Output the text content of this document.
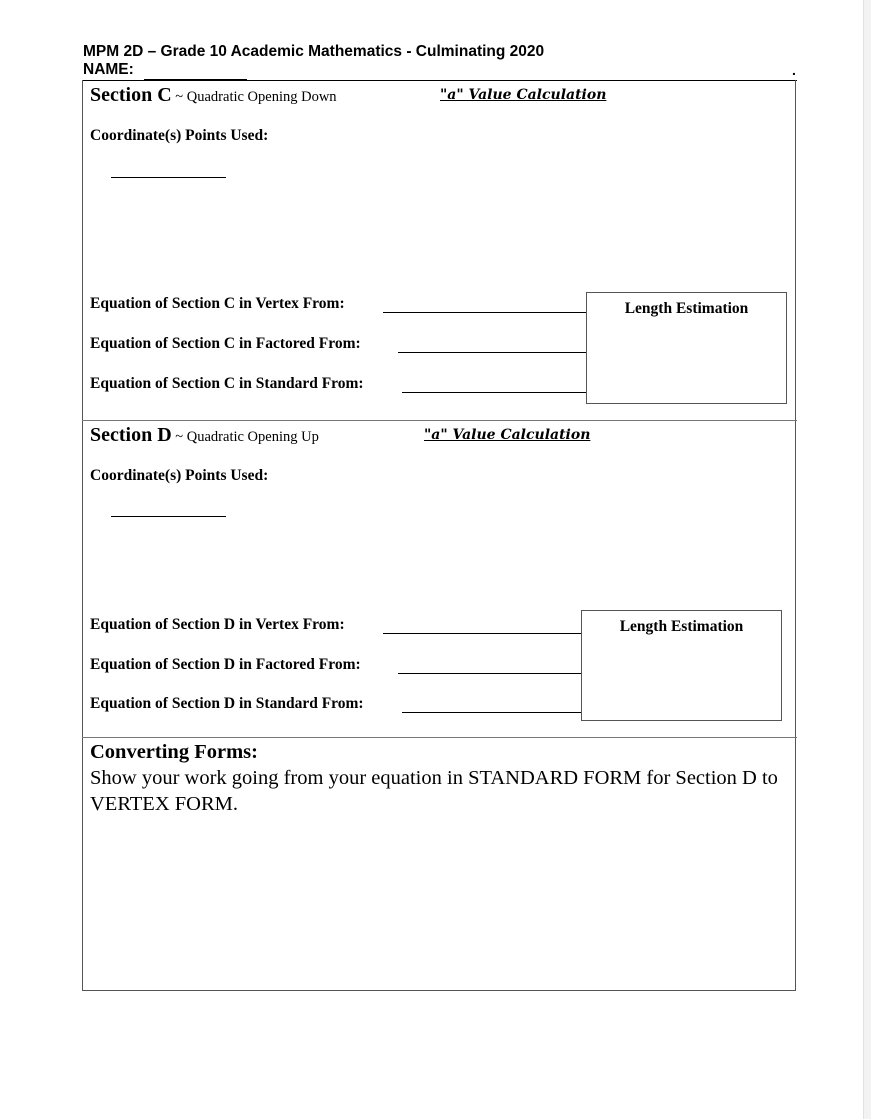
MPM 2D – Grade 10 Academic Mathematics - Culminating 2020
NAME:	.
Section C ~ Quadratic Opening Down	"a" Value Calculation
Coordinate(s) Points Used:
Equation of Section C in Vertex From:
Equation of Section C in Factored From:
Equation of Section C in Standard From:
Length Estimation
Section D ~ Quadratic Opening Up	"a" Value Calculation
Coordinate(s) Points Used:
Equation of Section D in Vertex From:
Equation of Section D in Factored From:
Equation of Section D in Standard From:
Length Estimation
Converting Forms:
Show your work going from your equation in STANDARD FORM for Section D to VERTEX FORM.
